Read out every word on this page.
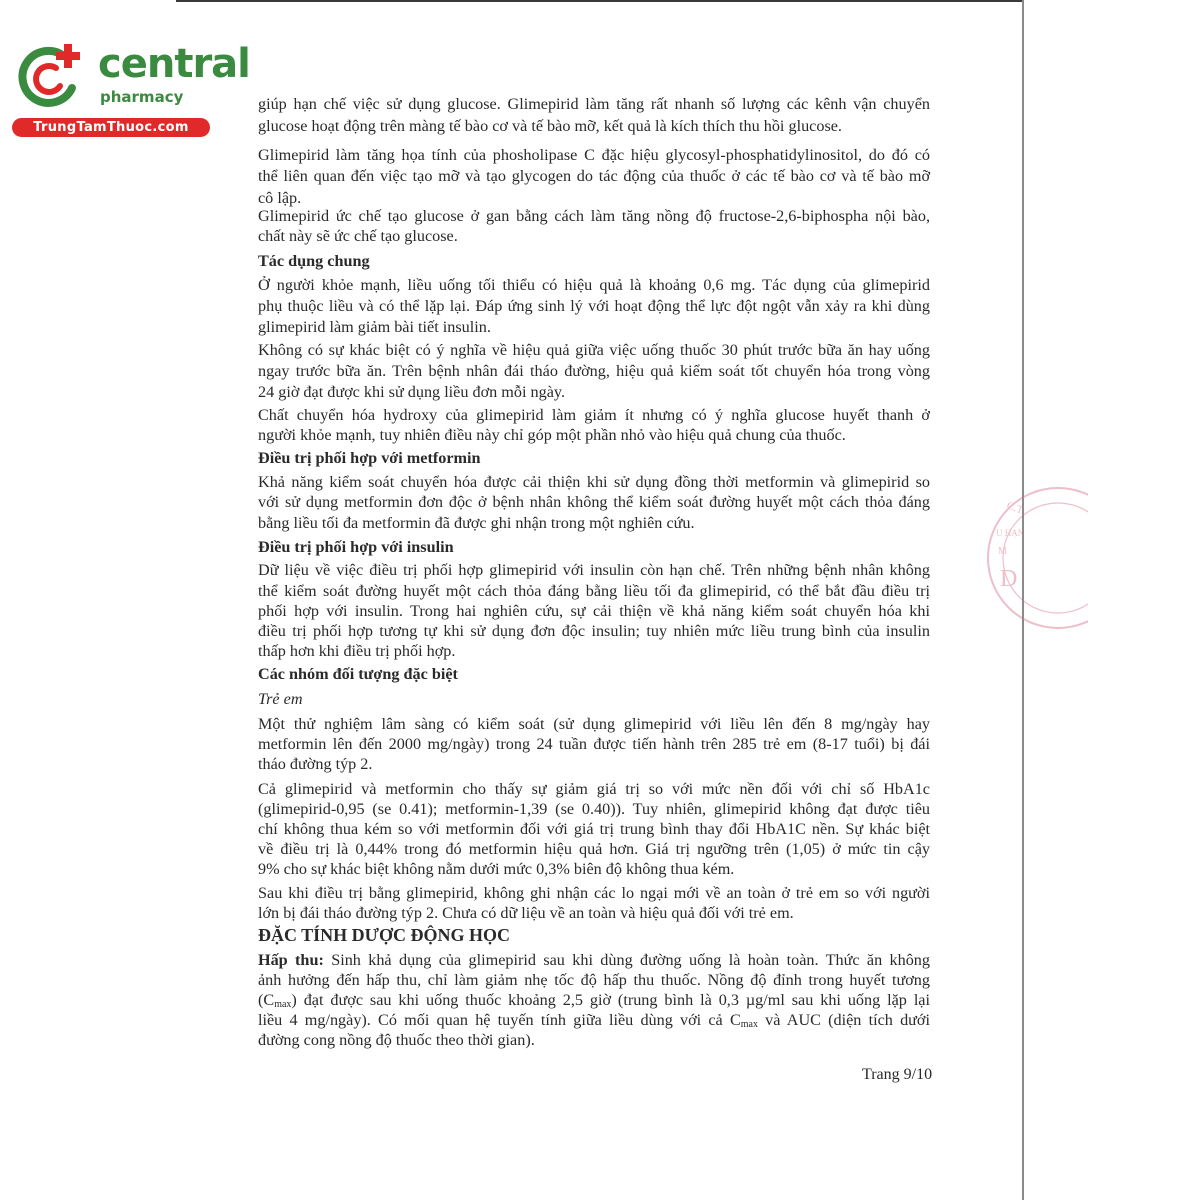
central
pharmacy
TrungTamThuoc.com
giúp hạn chế việc sử dụng glucose. Glimepirid làm tăng rất nhanh số lượng các kênh vận chuyển
glucose hoạt động trên màng tế bào cơ và tế bào mỡ, kết quả là kích thích thu hồi glucose.
Glimepirid làm tăng họa tính của phosholipase C đặc hiệu glycosyl-phosphatidylinositol, do đó có
thể liên quan đến việc tạo mỡ và tạo glycogen do tác động của thuốc ở các tế bào cơ và tế bào mỡ
cô lập.
Glimepirid ức chế tạo glucose ở gan bằng cách làm tăng nồng độ fructose-2,6-biphospha nội bào,
chất này sẽ ức chế tạo glucose.
Tác dụng chung
Ở người khỏe mạnh, liều uống tối thiểu có hiệu quả là khoảng 0,6 mg. Tác dụng của glimepirid
phụ thuộc liều và có thể lặp lại. Đáp ứng sinh lý với hoạt động thể lực đột ngột vẫn xảy ra khi dùng
glimepirid làm giảm bài tiết insulin.
Không có sự khác biệt có ý nghĩa về hiệu quả giữa việc uống thuốc 30 phút trước bữa ăn hay uống
ngay trước bữa ăn. Trên bệnh nhân đái tháo đường, hiệu quả kiểm soát tốt chuyển hóa trong vòng
24 giờ đạt được khi sử dụng liều đơn mỗi ngày.
Chất chuyển hóa hydroxy của glimepirid làm giảm ít nhưng có ý nghĩa glucose huyết thanh ở
người khỏe mạnh, tuy nhiên điều này chỉ góp một phần nhỏ vào hiệu quả chung của thuốc.
Điều trị phối hợp với metformin
Khả năng kiểm soát chuyển hóa được cải thiện khi sử dụng đồng thời metformin và glimepirid so
với sử dụng metformin đơn độc ở bệnh nhân không thể kiểm soát đường huyết một cách thỏa đáng
bằng liều tối đa metformin đã được ghi nhận trong một nghiên cứu.
Điều trị phối hợp với insulin
Dữ liệu về việc điều trị phối hợp glimepirid với insulin còn hạn chế. Trên những bệnh nhân không
thể kiểm soát đường huyết một cách thỏa đáng bằng liều tối đa glimepirid, có thể bắt đầu điều trị
phối hợp với insulin. Trong hai nghiên cứu, sự cải thiện về khả năng kiểm soát chuyển hóa khi
điều trị phối hợp tương tự khi sử dụng đơn độc insulin; tuy nhiên mức liều trung bình của insulin
thấp hơn khi điều trị phối hợp.
Các nhóm đối tượng đặc biệt
Trẻ em
Một thử nghiệm lâm sàng có kiểm soát (sử dụng glimepirid với liều lên đến 8 mg/ngày hay
metformin lên đến 2000 mg/ngày) trong 24 tuần được tiến hành trên 285 trẻ em (8-17 tuổi) bị đái
tháo đường týp 2.
Cả glimepirid và metformin cho thấy sự giảm giá trị so với mức nền đối với chỉ số HbA1c
(glimepirid-0,95 (se 0.41); metformin-1,39 (se 0.40)). Tuy nhiên, glimepirid không đạt được tiêu
chí không thua kém so với metformin đối với giá trị trung bình thay đổi HbA1C nền. Sự khác biệt
về điều trị là 0,44% trong đó metformin hiệu quả hơn. Giá trị ngưỡng trên (1,05) ở mức tin cậy
9% cho sự khác biệt không nằm dưới mức 0,3% biên độ không thua kém.
Sau khi điều trị bằng glimepirid, không ghi nhận các lo ngại mới về an toàn ở trẻ em so với người
lớn bị đái tháo đường týp 2. Chưa có dữ liệu về an toàn và hiệu quả đối với trẻ em.
ĐẶC TÍNH DƯỢC ĐỘNG HỌC
Hấp thu: Sinh khả dụng của glimepirid sau khi dùng đường uống là hoàn toàn. Thức ăn không
ảnh hưởng đến hấp thu, chỉ làm giảm nhẹ tốc độ hấp thu thuốc. Nồng độ đỉnh trong huyết tương
$(C_{max})$ đạt được sau khi uống thuốc khoảng 2,5 giờ (trung bình là 0,3 µg/ml sau khi uống lặp lại
liều 4 mg/ngày). Có mối quan hệ tuyến tính giữa liều dùng với cả $C_{max}$ và AUC (diện tích dưới
đường cong nồng độ thuốc theo thời gian).
Trang 9/10
C.T.
U HẠN
M
D
